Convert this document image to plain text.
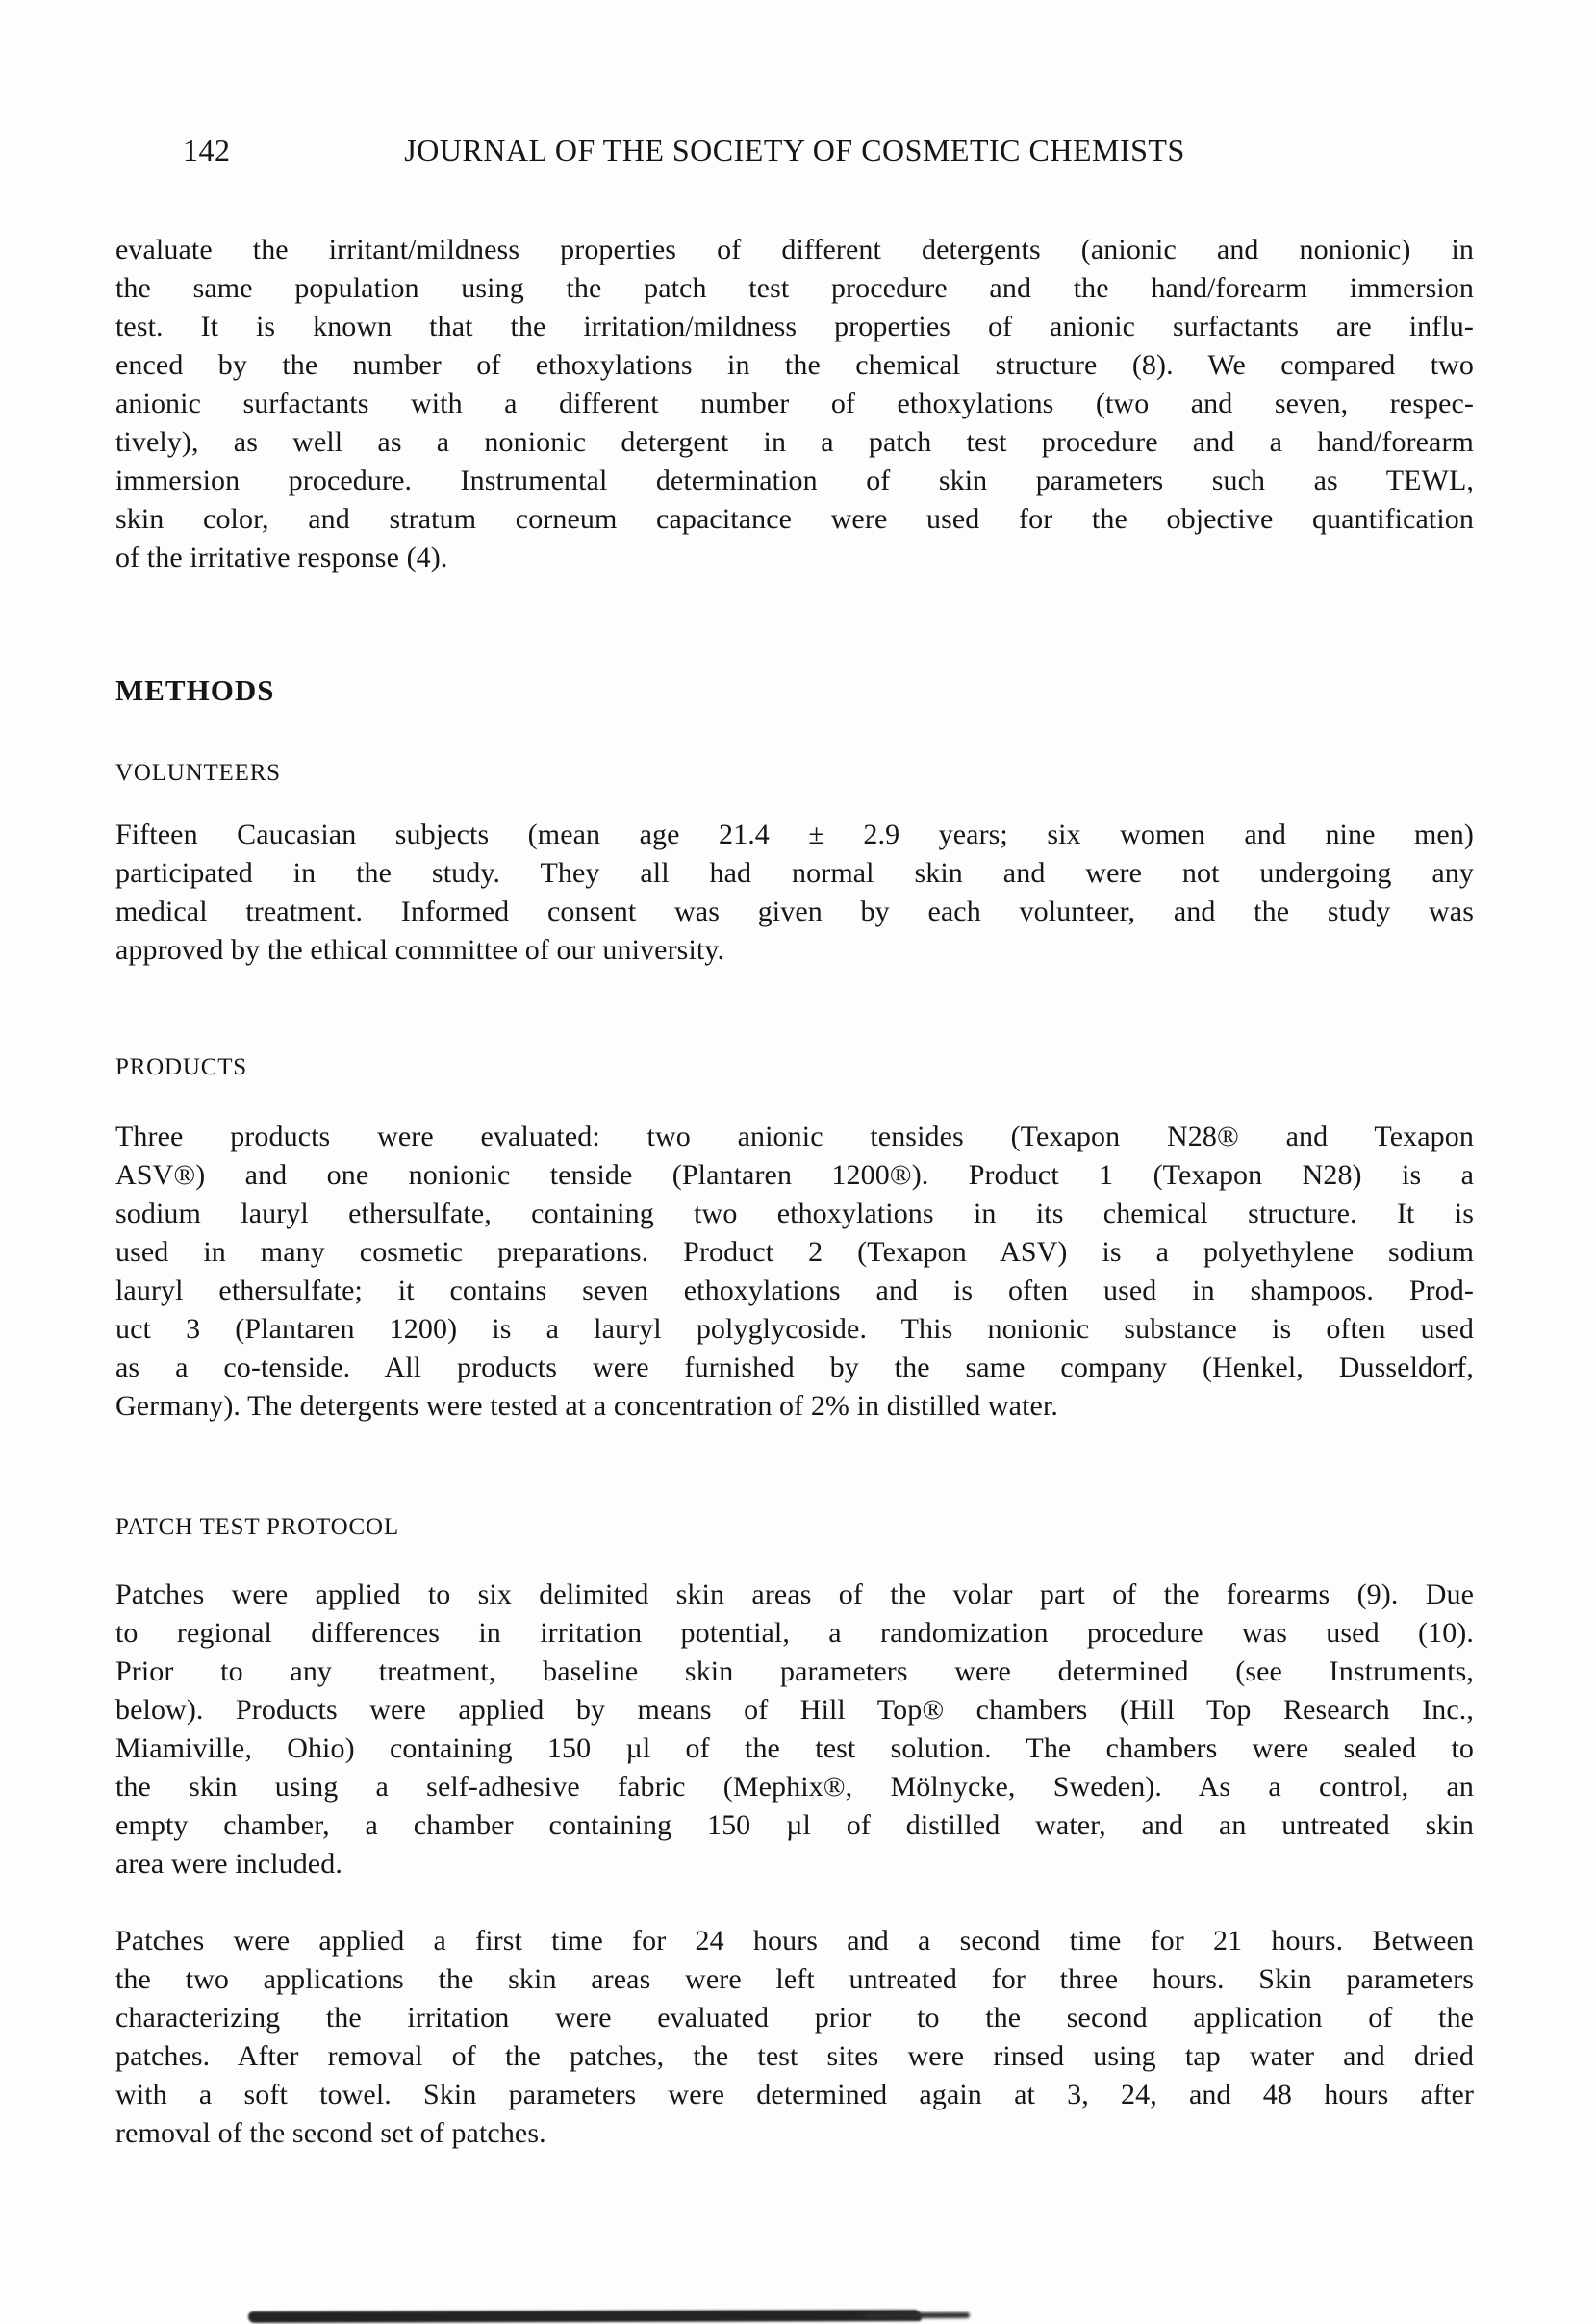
142	JOURNAL OF THE SOCIETY OF COSMETIC CHEMISTS
evaluate the irritant/mildness properties of different detergents (anionic and nonionic) in
the same population using the patch test procedure and the hand/forearm immersion
test. It is known that the irritation/mildness properties of anionic surfactants are influ-
enced by the number of ethoxylations in the chemical structure (8). We compared two
anionic surfactants with a different number of ethoxylations (two and seven, respec-
tively), as well as a nonionic detergent in a patch test procedure and a hand/forearm
immersion procedure. Instrumental determination of skin parameters such as TEWL,
skin color, and stratum corneum capacitance were used for the objective quantification
of the irritative response (4).
METHODS
VOLUNTEERS
Fifteen Caucasian subjects (mean age 21.4 ± 2.9 years; six women and nine men)
participated in the study. They all had normal skin and were not undergoing any
medical treatment. Informed consent was given by each volunteer, and the study was
approved by the ethical committee of our university.
PRODUCTS
Three products were evaluated: two anionic tensides (Texapon N28® and Texapon
ASV®) and one nonionic tenside (Plantaren 1200®). Product 1 (Texapon N28) is a
sodium lauryl ethersulfate, containing two ethoxylations in its chemical structure. It is
used in many cosmetic preparations. Product 2 (Texapon ASV) is a polyethylene sodium
lauryl ethersulfate; it contains seven ethoxylations and is often used in shampoos. Prod-
uct 3 (Plantaren 1200) is a lauryl polyglycoside. This nonionic substance is often used
as a co-tenside. All products were furnished by the same company (Henkel, Dusseldorf,
Germany). The detergents were tested at a concentration of 2% in distilled water.
PATCH TEST PROTOCOL
Patches were applied to six delimited skin areas of the volar part of the forearms (9). Due
to regional differences in irritation potential, a randomization procedure was used (10).
Prior to any treatment, baseline skin parameters were determined (see Instruments,
below). Products were applied by means of Hill Top® chambers (Hill Top Research Inc.,
Miamiville, Ohio) containing 150 µl of the test solution. The chambers were sealed to
the skin using a self-adhesive fabric (Mephix®, Mölnycke, Sweden). As a control, an
empty chamber, a chamber containing 150 µl of distilled water, and an untreated skin
area were included.
Patches were applied a first time for 24 hours and a second time for 21 hours. Between
the two applications the skin areas were left untreated for three hours. Skin parameters
characterizing the irritation were evaluated prior to the second application of the
patches. After removal of the patches, the test sites were rinsed using tap water and dried
with a soft towel. Skin parameters were determined again at 3, 24, and 48 hours after
removal of the second set of patches.
